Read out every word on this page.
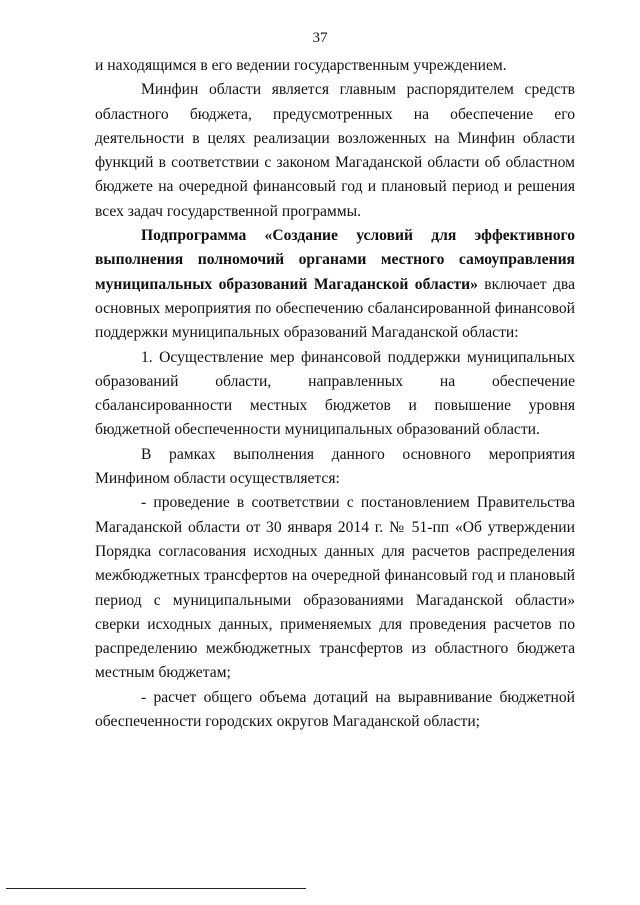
37

и находящимся в его ведении государственным учреждением.

Минфин области является главным распорядителем средств областного бюджета, предусмотренных на обеспечение его деятельности в целях реализации возложенных на Минфин области функций в соответствии с законом Магаданской области об областном бюджете на очередной финансовый год и плановый период и решения всех задач государственной программы.

Подпрограмма «Создание условий для эффективного выполнения полномочий органами местного самоуправления муниципальных образований Магаданской области» включает два основных мероприятия по обеспечению сбалансированной финансовой поддержки муниципальных образований Магаданской области:

1. Осуществление мер финансовой поддержки муниципальных образований области, направленных на обеспечение сбалансированности местных бюджетов и повышение уровня бюджетной обеспеченности муниципальных образований области.

В рамках выполнения данного основного мероприятия Минфином области осуществляется:

- проведение в соответствии с постановлением Правительства Магаданской области от 30 января 2014 г. № 51-пп «Об утверждении Порядка согласования исходных данных для расчетов распределения межбюджетных трансфертов на очередной финансовый год и плановый период с муниципальными образованиями Магаданской области» сверки исходных данных, применяемых для проведения расчетов по распределению межбюджетных трансфертов из областного бюджета местным бюджетам;

- расчет общего объема дотаций на выравнивание бюджетной обеспеченности городских округов Магаданской области;
